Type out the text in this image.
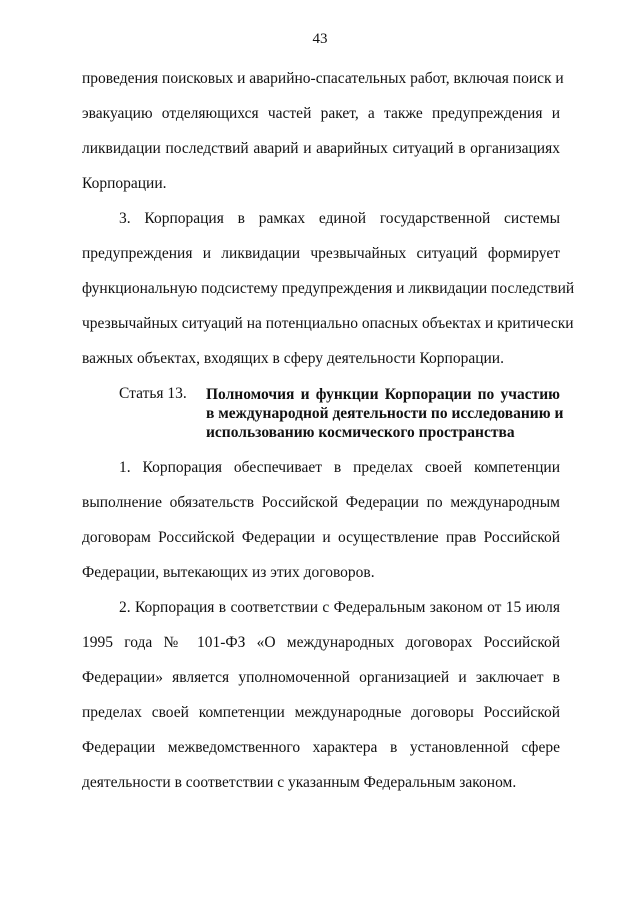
43
проведения поисковых и аварийно-спасательных работ, включая поиск и
эвакуацию отделяющихся частей ракет, а также предупреждения и
ликвидации последствий аварий и аварийных ситуаций в организациях
Корпорации.
3. Корпорация в рамках единой государственной системы
предупреждения и ликвидации чрезвычайных ситуаций формирует
функциональную подсистему предупреждения и ликвидации последствий
чрезвычайных ситуаций на потенциально опасных объектах и критически
важных объектах, входящих в сферу деятельности Корпорации.
Статья 13. Полномочия и функции Корпорации по участию
в международной деятельности по исследованию и
использованию космического пространства
1. Корпорация обеспечивает в пределах своей компетенции
выполнение обязательств Российской Федерации по международным
договорам Российской Федерации и осуществление прав Российской
Федерации, вытекающих из этих договоров.
2. Корпорация в соответствии с Федеральным законом от 15 июля
1995 года № 101-ФЗ «О международных договорах Российской
Федерации» является уполномоченной организацией и заключает в
пределах своей компетенции международные договоры Российской
Федерации межведомственного характера в установленной сфере
деятельности в соответствии с указанным Федеральным законом.
